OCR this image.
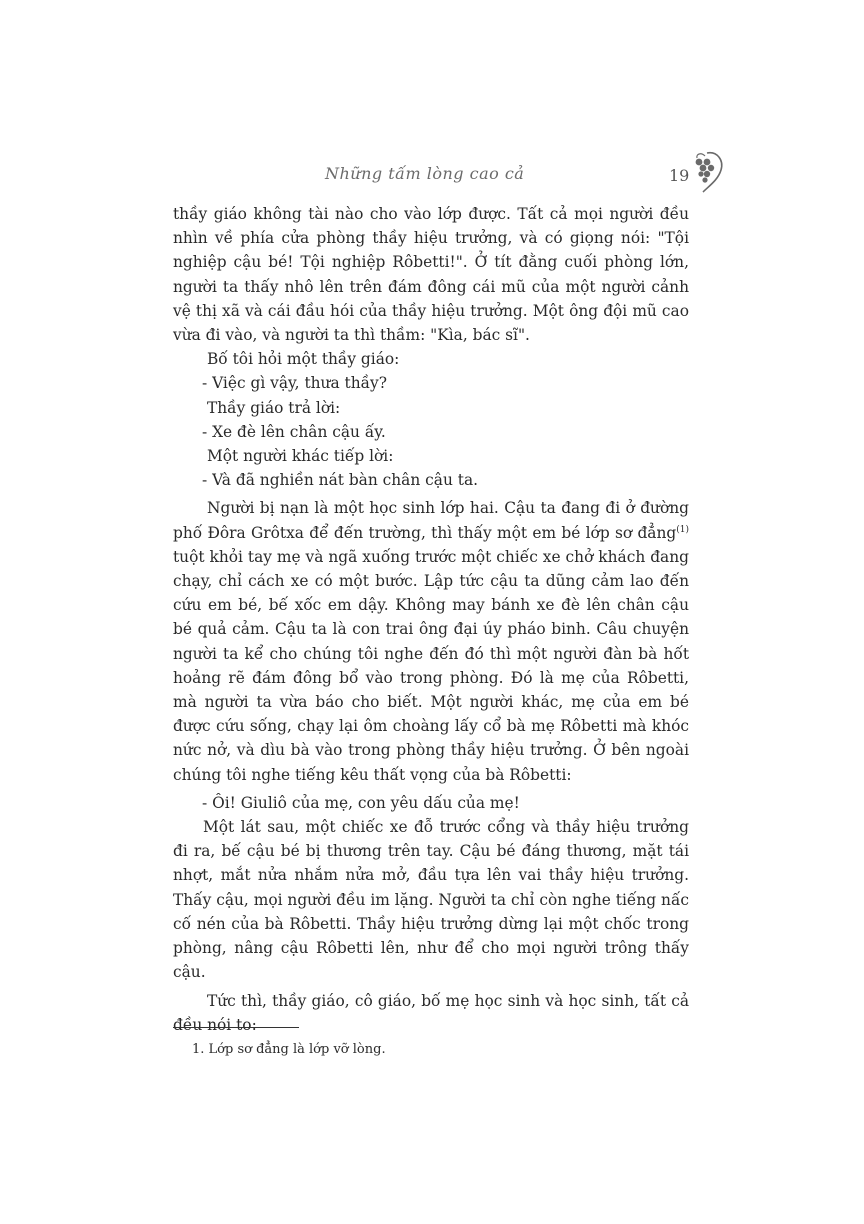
Những tấm lòng cao cả	19

thầy giáo không tài nào cho vào lớp được. Tất cả mọi người đều nhìn về phía cửa phòng thầy hiệu trưởng, và có giọng nói: "Tội nghiệp cậu bé! Tội nghiệp Rôbetti!". Ở tít đằng cuối phòng lớn, người ta thấy nhô lên trên đám đông cái mũ của một người cảnh vệ thị xã và cái đầu hói của thầy hiệu trưởng. Một ông đội mũ cao vừa đi vào, và người ta thì thầm: "Kìa, bác sĩ".

Bố tôi hỏi một thầy giáo:

- Việc gì vậy, thưa thầy?

Thầy giáo trả lời:

- Xe đè lên chân cậu ấy.

Một người khác tiếp lời:

- Và đã nghiền nát bàn chân cậu ta.

Người bị nạn là một học sinh lớp hai. Cậu ta đang đi ở đường phố Đôra Grôtxa để đến trường, thì thấy một em bé lớp sơ đẳng$^{(1)}$ tuột khỏi tay mẹ và ngã xuống trước một chiếc xe chở khách đang chạy, chỉ cách xe có một bước. Lập tức cậu ta dũng cảm lao đến cứu em bé, bế xốc em dậy. Không may bánh xe đè lên chân cậu bé quả cảm. Cậu ta là con trai ông đại úy pháo binh. Câu chuyện người ta kể cho chúng tôi nghe đến đó thì một người đàn bà hốt hoảng rẽ đám đông bổ vào trong phòng. Đó là mẹ của Rôbetti, mà người ta vừa báo cho biết. Một người khác, mẹ của em bé được cứu sống, chạy lại ôm choàng lấy cổ bà mẹ Rôbetti mà khóc nức nở, và dìu bà vào trong phòng thầy hiệu trưởng. Ở bên ngoài chúng tôi nghe tiếng kêu thất vọng của bà Rôbetti:

- Ôi! Giuliô của mẹ, con yêu dấu của mẹ!

Một lát sau, một chiếc xe đỗ trước cổng và thầy hiệu trưởng đi ra, bế cậu bé bị thương trên tay. Cậu bé đáng thương, mặt tái nhợt, mắt nửa nhắm nửa mở, đầu tựa lên vai thầy hiệu trưởng. Thấy cậu, mọi người đều im lặng. Người ta chỉ còn nghe tiếng nấc cố nén của bà Rôbetti. Thầy hiệu trưởng dừng lại một chốc trong phòng, nâng cậu Rôbetti lên, như để cho mọi người trông thấy cậu.

Tức thì, thầy giáo, cô giáo, bố mẹ học sinh và học sinh, tất cả đều nói to:

1. Lớp sơ đẳng là lớp vỡ lòng.
